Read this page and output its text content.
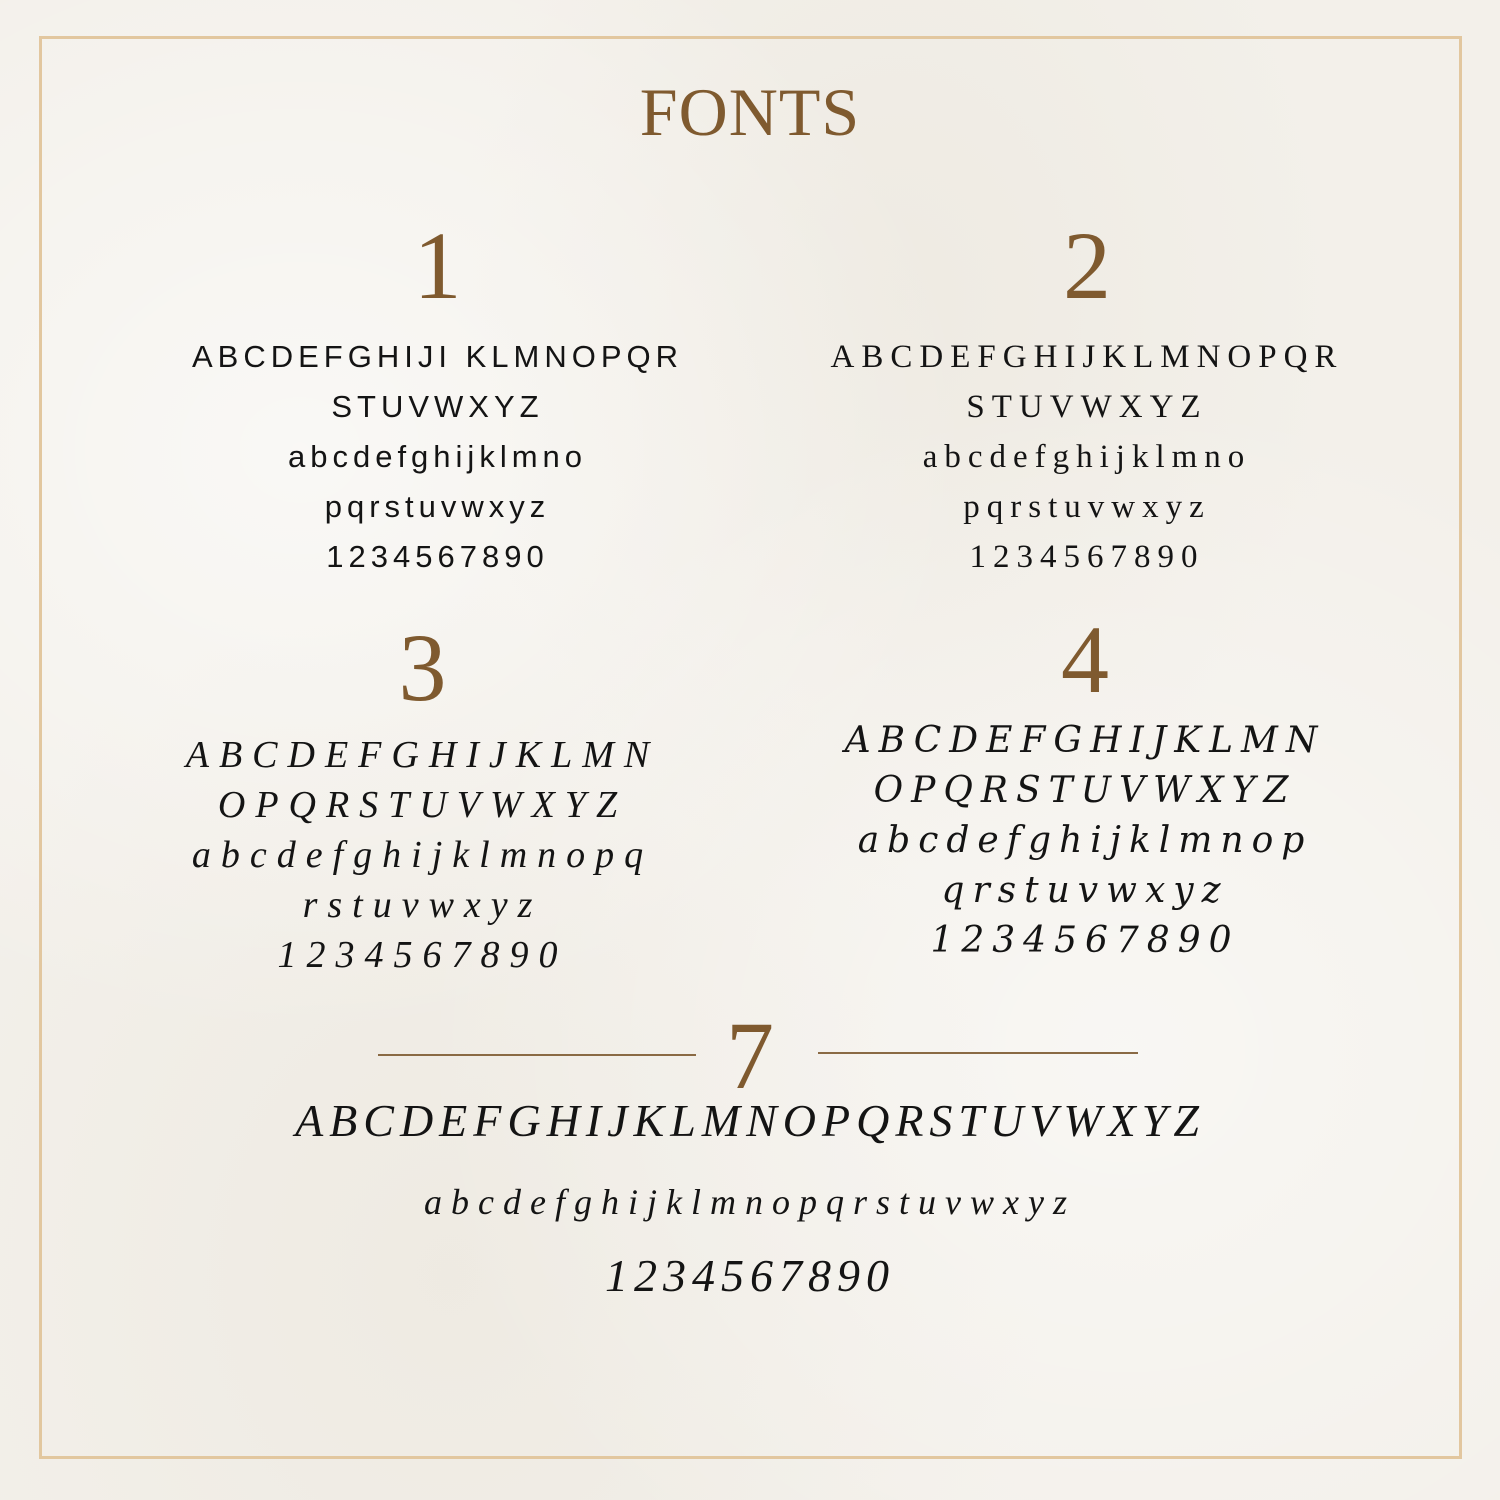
FONTS
1
ABCDEFGHIJI KLMNOPQR
STUVWXYZ
abcdefghijklmno
pqrstuvwxyz
1234567890
2
ABCDEFGHIJKLMNOPQR
STUVWXYZ
abcdefghijklmno
pqrstuvwxyz
1234567890
3
ABCDEFGHIJKLMN
OPQRSTUVWXYZ
abcdefghijklmnopq
rstuvwxyz
1234567890
4
ABCDEFGHIJKLMN
OPQRSTUVWXYZ
abcdefghijklmnop
qrstuvwxyz
1234567890
7
ABCDEFGHIJKLMNOPQRSTUVWXYZ
abcdefghijklmnopqrstuvwxyz
1234567890
